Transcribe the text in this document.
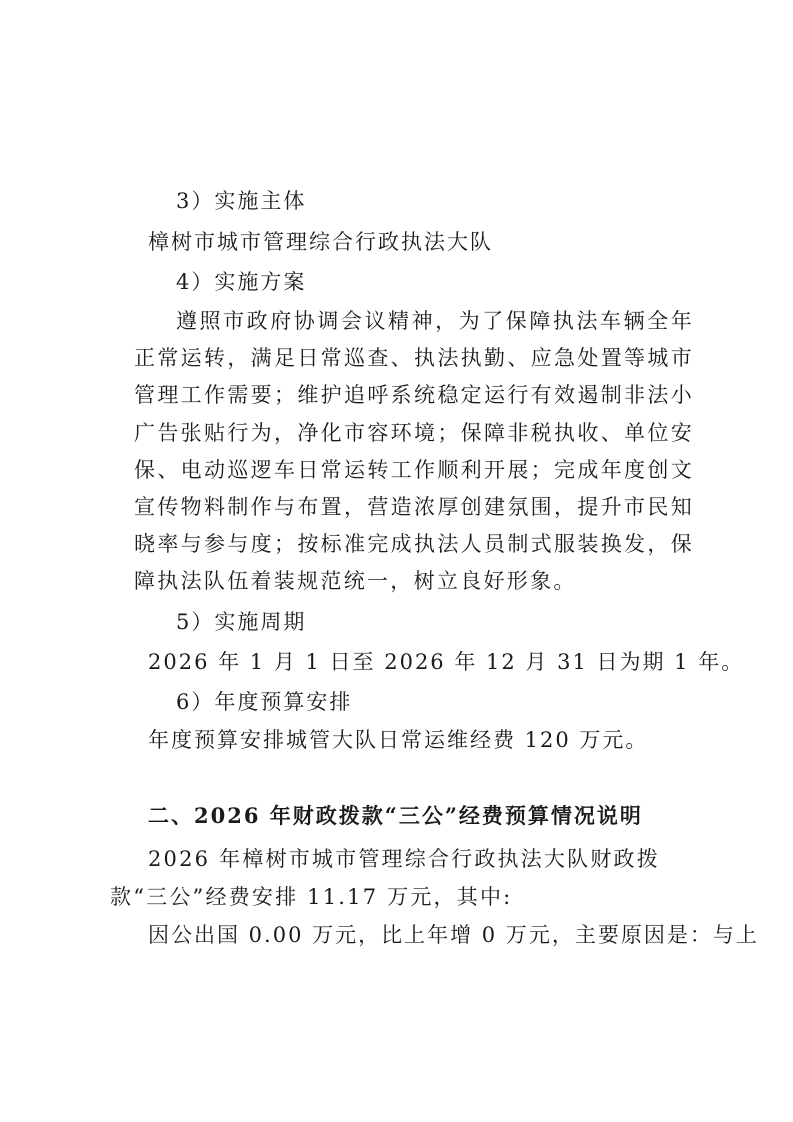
3）实施主体
樟树市城市管理综合行政执法大队
4）实施方案
遵照市政府协调会议精神，为了保障执法车辆全年正常运转，满足日常巡查、执法执勤、应急处置等城市管理工作需要；维护追呼系统稳定运行有效遏制非法小广告张贴行为，净化市容环境；保障非税执收、单位安保、电动巡逻车日常运转工作顺利开展；完成年度创文宣传物料制作与布置，营造浓厚创建氛围，提升市民知晓率与参与度；按标准完成执法人员制式服装换发，保障执法队伍着装规范统一，树立良好形象。
5）实施周期
2026 年 1 月 1 日至 2026 年 12 月 31 日为期 1 年。
6）年度预算安排
年度预算安排城管大队日常运维经费 120 万元。
二、2026 年财政拨款“三公”经费预算情况说明
2026 年樟树市城市管理综合行政执法大队财政拨款“三公”经费安排 11.17 万元，其中:
因公出国 0.00 万元，比上年增 0 万元，主要原因是：与上
